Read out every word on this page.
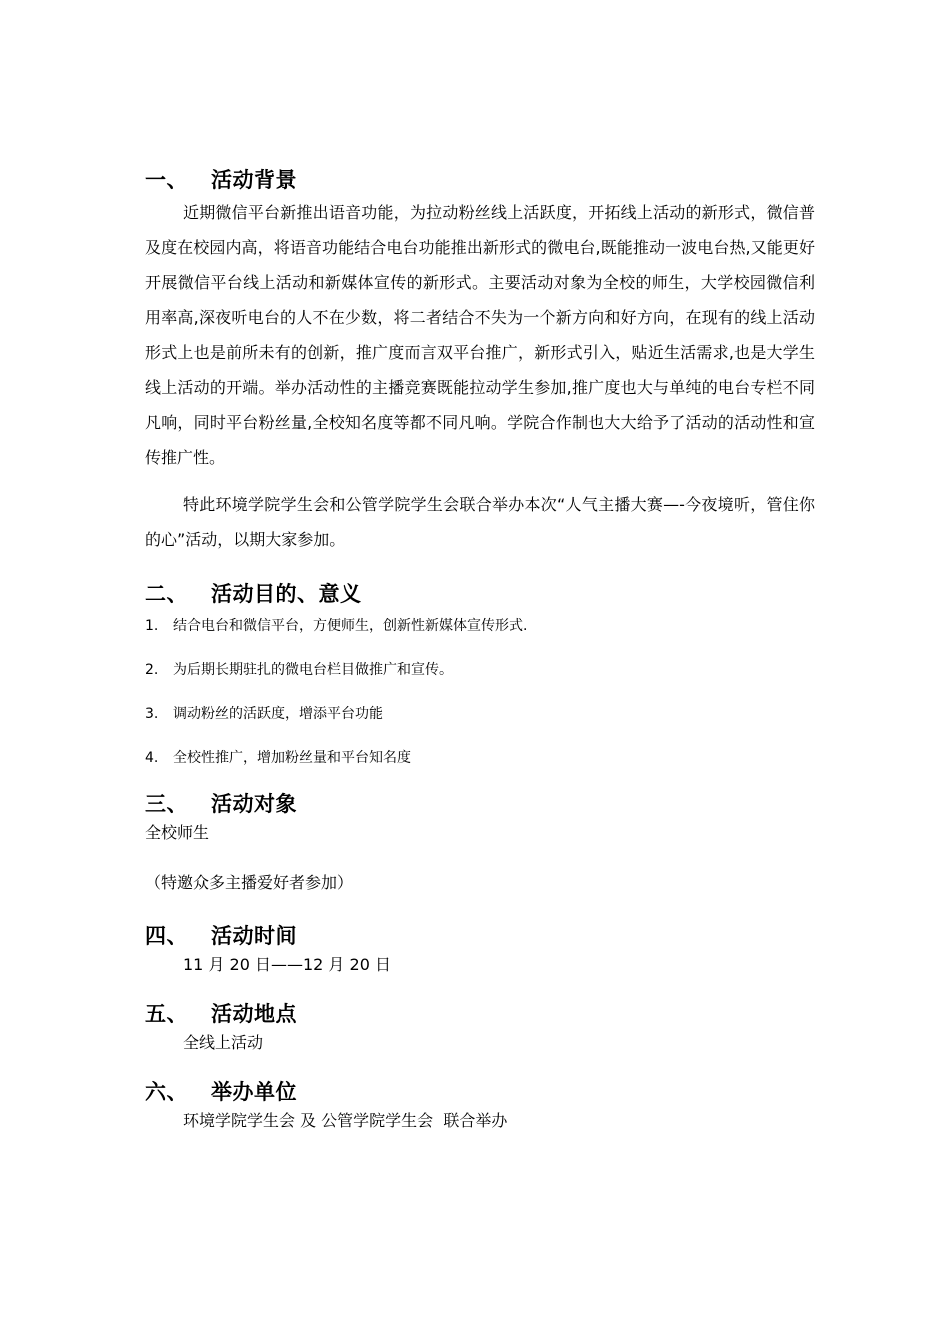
一、 活动背景

近期微信平台新推出语音功能，为拉动粉丝线上活跃度，开拓线上活动的新形式，微信普及度在校园内高，将语音功能结合电台功能推出新形式的微电台,既能推动一波电台热,又能更好开展微信平台线上活动和新媒体宣传的新形式。主要活动对象为全校的师生，大学校园微信利用率高,深夜听电台的人不在少数，将二者结合不失为一个新方向和好方向，在现有的线上活动形式上也是前所未有的创新，推广度而言双平台推广，新形式引入，贴近生活需求,也是大学生线上活动的开端。举办活动性的主播竞赛既能拉动学生参加,推广度也大与单纯的电台专栏不同凡响，同时平台粉丝量,全校知名度等都不同凡响。学院合作制也大大给予了活动的活动性和宣传推广性。

特此环境学院学生会和公管学院学生会联合举办本次“人气主播大赛—-今夜境听，管住你的心”活动，以期大家参加。

二、 活动目的、意义
1. 结合电台和微信平台，方便师生，创新性新媒体宣传形式.
2. 为后期长期驻扎的微电台栏目做推广和宣传。
3. 调动粉丝的活跃度，增添平台功能
4. 全校性推广，增加粉丝量和平台知名度
三、 活动对象

全校师生

（特邀众多主播爱好者参加）

四、 活动时间

11 月 20 日——12 月 20 日

五、 活动地点

全线上活动

六、 举办单位

环境学院学生会 及 公管学院学生会  联合举办
